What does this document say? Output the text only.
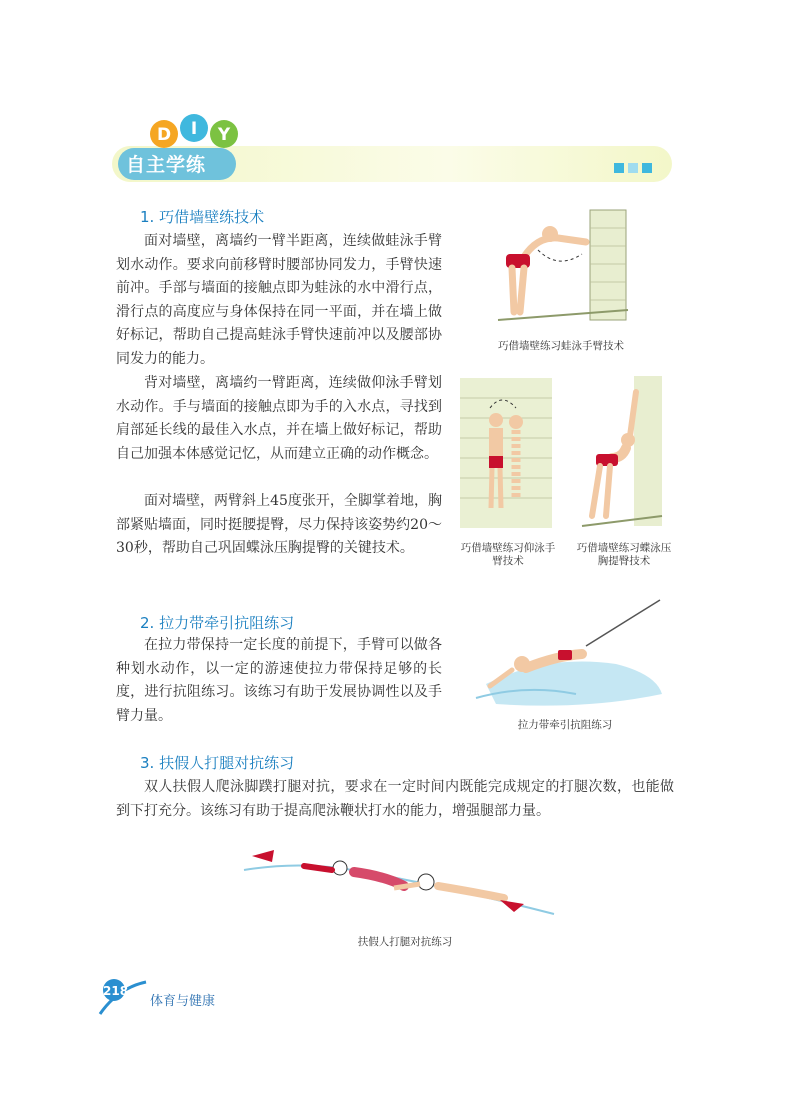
D I Y
自主学练
1. 巧借墙壁练技术

面对墙壁，离墙约一臂半距离，连续做蛙泳手臂划水动作。要求向前移臂时腰部协同发力，手臂快速前冲。手部与墙面的接触点即为蛙泳的水中滑行点，滑行点的高度应与身体保持在同一平面，并在墙上做好标记，帮助自己提高蛙泳手臂快速前冲以及腰部协同发力的能力。

背对墙壁，离墙约一臂距离，连续做仰泳手臂划水动作。手与墙面的接触点即为手的入水点，寻找到肩部延长线的最佳入水点，并在墙上做好标记，帮助自己加强本体感觉记忆，从而建立正确的动作概念。

面对墙壁，两臂斜上45度张开，全脚掌着地，胸部紧贴墙面，同时挺腰提臀，尽力保持该姿势约20～30秒，帮助自己巩固蝶泳压胸提臀的关键技术。

巧借墙壁练习蛙泳手臂技术
巧借墙壁练习仰泳手臂技术
巧借墙壁练习蝶泳压胸提臀技术
2. 拉力带牵引抗阻练习

在拉力带保持一定长度的前提下，手臂可以做各种划水动作，以一定的游速使拉力带保持足够的长度，进行抗阻练习。该练习有助于发展协调性以及手臂力量。

拉力带牵引抗阻练习
3. 扶假人打腿对抗练习

双人扶假人爬泳脚蹼打腿对抗，要求在一定时间内既能完成规定的打腿次数，也能做到下打充分。该练习有助于提高爬泳鞭状打水的能力，增强腿部力量。

扶假人打腿对抗练习
218
体育与健康
